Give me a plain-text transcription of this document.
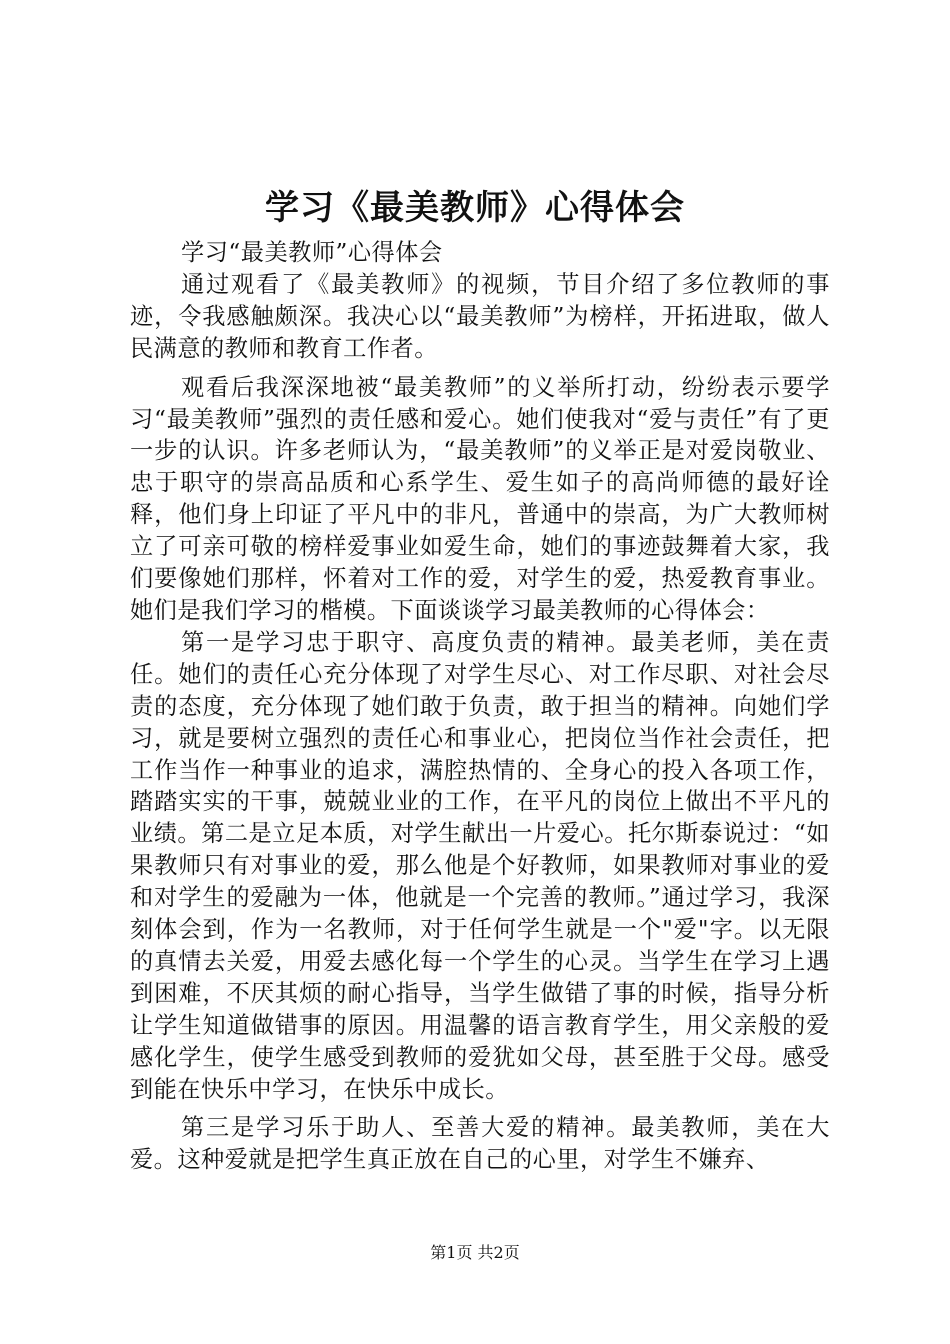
学习《最美教师》心得体会

学习“最美教师”心得体会

通过观看了《最美教师》的视频，节目介绍了多位教师的事迹，令我感触颇深。我决心以“最美教师”为榜样，开拓进取，做人民满意的教师和教育工作者。

观看后我深深地被“最美教师”的义举所打动，纷纷表示要学习“最美教师”强烈的责任感和爱心。她们使我对“爱与责任”有了更一步的认识。许多老师认为，“最美教师”的义举正是对爱岗敬业、忠于职守的崇高品质和心系学生、爱生如子的高尚师德的最好诠释，他们身上印证了平凡中的非凡，普通中的崇高，为广大教师树立了可亲可敬的榜样爱事业如爱生命，她们的事迹鼓舞着大家，我们要像她们那样，怀着对工作的爱，对学生的爱，热爱教育事业。她们是我们学习的楷模。下面谈谈学习最美教师的心得体会：

第一是学习忠于职守、高度负责的精神。最美老师，美在责任。她们的责任心充分体现了对学生尽心、对工作尽职、对社会尽责的态度，充分体现了她们敢于负责，敢于担当的精神。向她们学习，就是要树立强烈的责任心和事业心，把岗位当作社会责任，把工作当作一种事业的追求，满腔热情的、全身心的投入各项工作，踏踏实实的干事，兢兢业业的工作，在平凡的岗位上做出不平凡的业绩。第二是立足本质，对学生献出一片爱心。托尔斯泰说过：“如果教师只有对事业的爱，那么他是个好教师，如果教师对事业的爱和对学生的爱融为一体，他就是一个完善的教师。”通过学习，我深刻体会到，作为一名教师，对于任何学生就是一个"爱"字。以无限的真情去关爱，用爱去感化每一个学生的心灵。当学生在学习上遇到困难，不厌其烦的耐心指导，当学生做错了事的时候，指导分析让学生知道做错事的原因。用温馨的语言教育学生，用父亲般的爱感化学生，使学生感受到教师的爱犹如父母，甚至胜于父母。感受到能在快乐中学习，在快乐中成长。

第三是学习乐于助人、至善大爱的精神。最美教师，美在大爱。这种爱就是把学生真正放在自己的心里，对学生不嫌弃、

第1页 共2页
